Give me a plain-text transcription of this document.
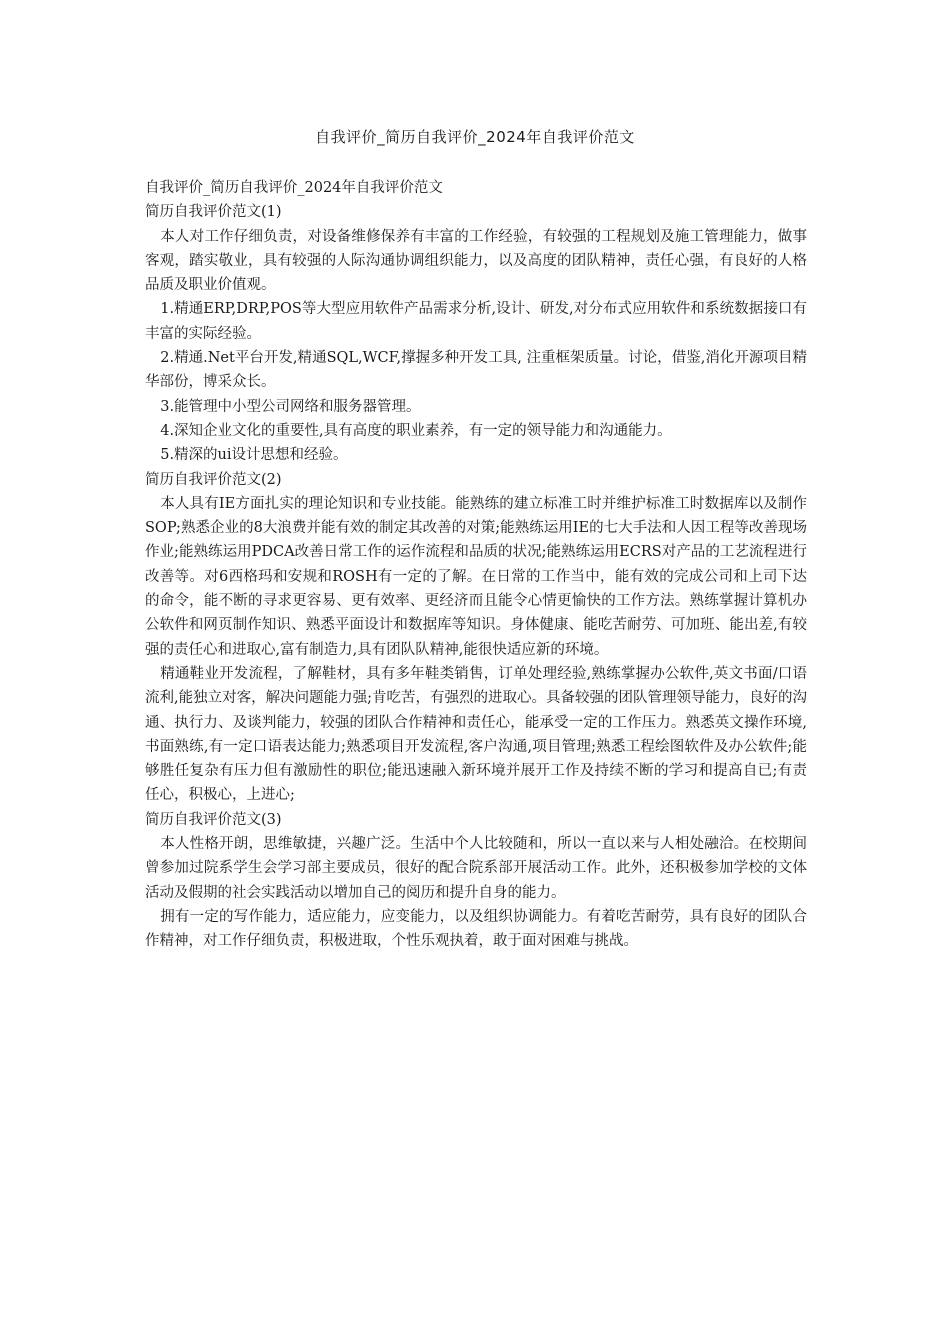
自我评价_简历自我评价_2024年自我评价范文

自我评价_简历自我评价_2024年自我评价范文

简历自我评价范文(1)

本人对工作仔细负责，对设备维修保养有丰富的工作经验，有较强的工程规划及施工管理能力，做事客观，踏实敬业，具有较强的人际沟通协调组织能力，以及高度的团队精神，责任心强，有良好的人格品质及职业价值观。

1.精通ERP,DRP,POS等大型应用软件产品需求分析,设计、研发,对分布式应用软件和系统数据接口有丰富的实际经验。

2.精通.Net平台开发,精通SQL,WCF,撑握多种开发工具, 注重框架质量。讨论，借鉴,消化开源项目精华部份，博采众长。

3.能管理中小型公司网络和服务器管理。

4.深知企业文化的重要性,具有高度的职业素养，有一定的领导能力和沟通能力。

5.精深的ui设计思想和经验。

简历自我评价范文(2)

本人具有IE方面扎实的理论知识和专业技能。能熟练的建立标准工时并维护标准工时数据库以及制作SOP;熟悉企业的8大浪费并能有效的制定其改善的对策;能熟练运用IE的七大手法和人因工程等改善现场作业;能熟练运用PDCA改善日常工作的运作流程和品质的状况;能熟练运用ECRS对产品的工艺流程进行改善等。对6西格玛和安规和ROSH有一定的了解。在日常的工作当中，能有效的完成公司和上司下达的命令，能不断的寻求更容易、更有效率、更经济而且能令心情更愉快的工作方法。熟练掌握计算机办公软件和网页制作知识、熟悉平面设计和数据库等知识。身体健康、能吃苦耐劳、可加班、能出差,有较强的责任心和进取心,富有制造力,具有团队队精神,能很快适应新的环境。

精通鞋业开发流程，了解鞋材，具有多年鞋类销售，订单处理经验,熟练掌握办公软件,英文书面/口语流利,能独立对客，解决问题能力强;肯吃苦，有强烈的进取心。具备较强的团队管理领导能力，良好的沟通、执行力、及谈判能力，较强的团队合作精神和责任心，能承受一定的工作压力。熟悉英文操作环境,书面熟练,有一定口语表达能力;熟悉项目开发流程,客户沟通,项目管理;熟悉工程绘图软件及办公软件;能够胜任复杂有压力但有激励性的职位;能迅速融入新环境并展开工作及持续不断的学习和提高自已;有责任心，积极心，上进心;

简历自我评价范文(3)

本人性格开朗，思维敏捷，兴趣广泛。生活中个人比较随和，所以一直以来与人相处融洽。在校期间曾参加过院系学生会学习部主要成员，很好的配合院系部开展活动工作。此外，还积极参加学校的文体活动及假期的社会实践活动以增加自己的阅历和提升自身的能力。

拥有一定的写作能力，适应能力，应变能力，以及组织协调能力。有着吃苦耐劳，具有良好的团队合作精神，对工作仔细负责，积极进取，个性乐观执着，敢于面对困难与挑战。
